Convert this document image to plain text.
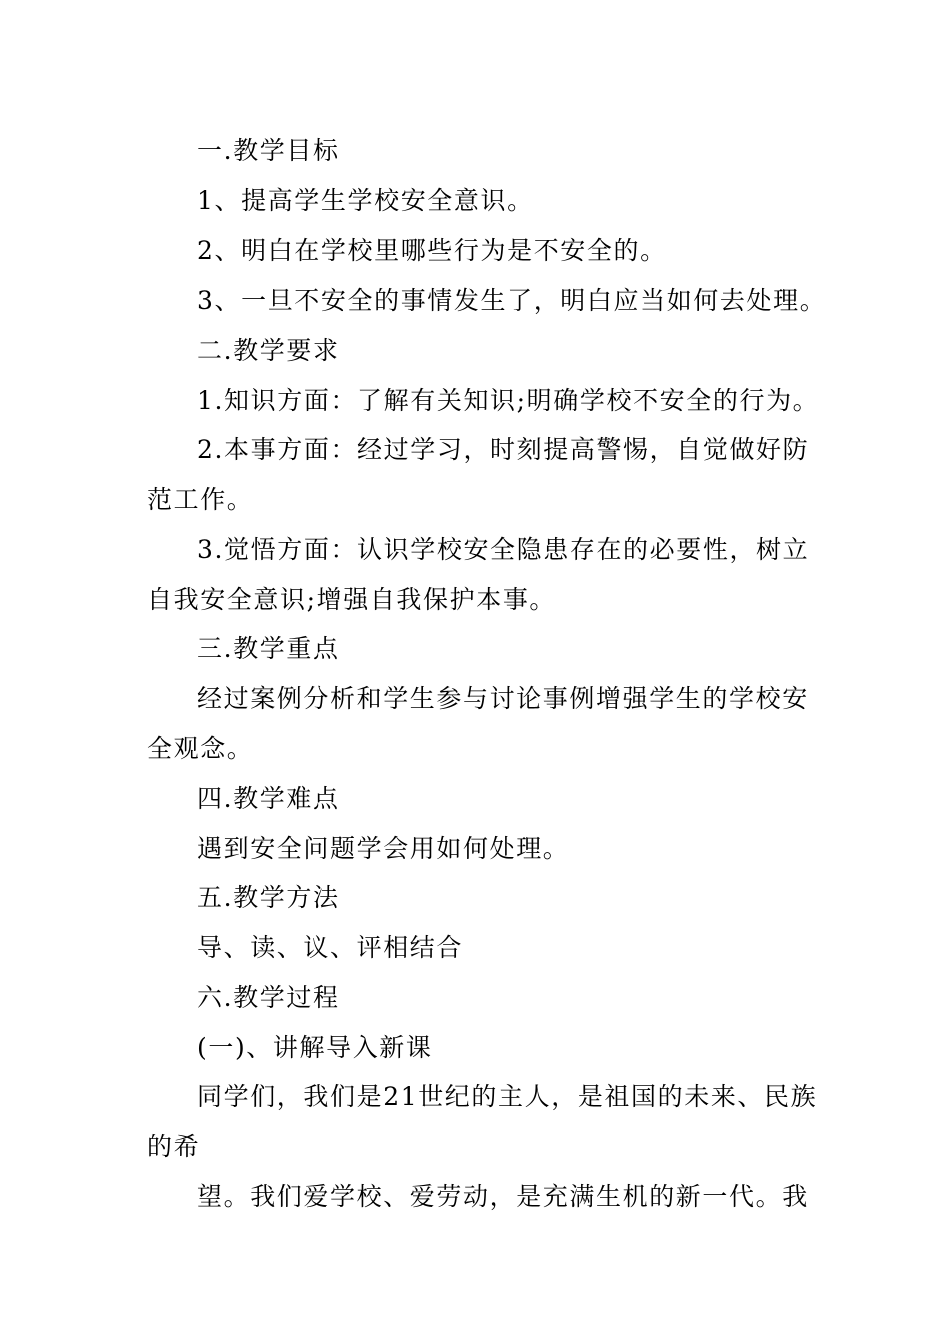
一.教学目标
1、提高学生学校安全意识。
2、明白在学校里哪些行为是不安全的。
3、一旦不安全的事情发生了，明白应当如何去处理。
二.教学要求
1.知识方面：了解有关知识;明确学校不安全的行为。
2.本事方面：经过学习，时刻提高警惕，自觉做好防
范工作。
3.觉悟方面：认识学校安全隐患存在的必要性，树立
自我安全意识;增强自我保护本事。
三.教学重点
经过案例分析和学生参与讨论事例增强学生的学校安
全观念。
四.教学难点
遇到安全问题学会用如何处理。
五.教学方法
导、读、议、评相结合
六.教学过程
(一)、讲解导入新课
同学们，我们是21世纪的主人，是祖国的未来、民族
的希
望。我们爱学校、爱劳动，是充满生机的新一代。我
